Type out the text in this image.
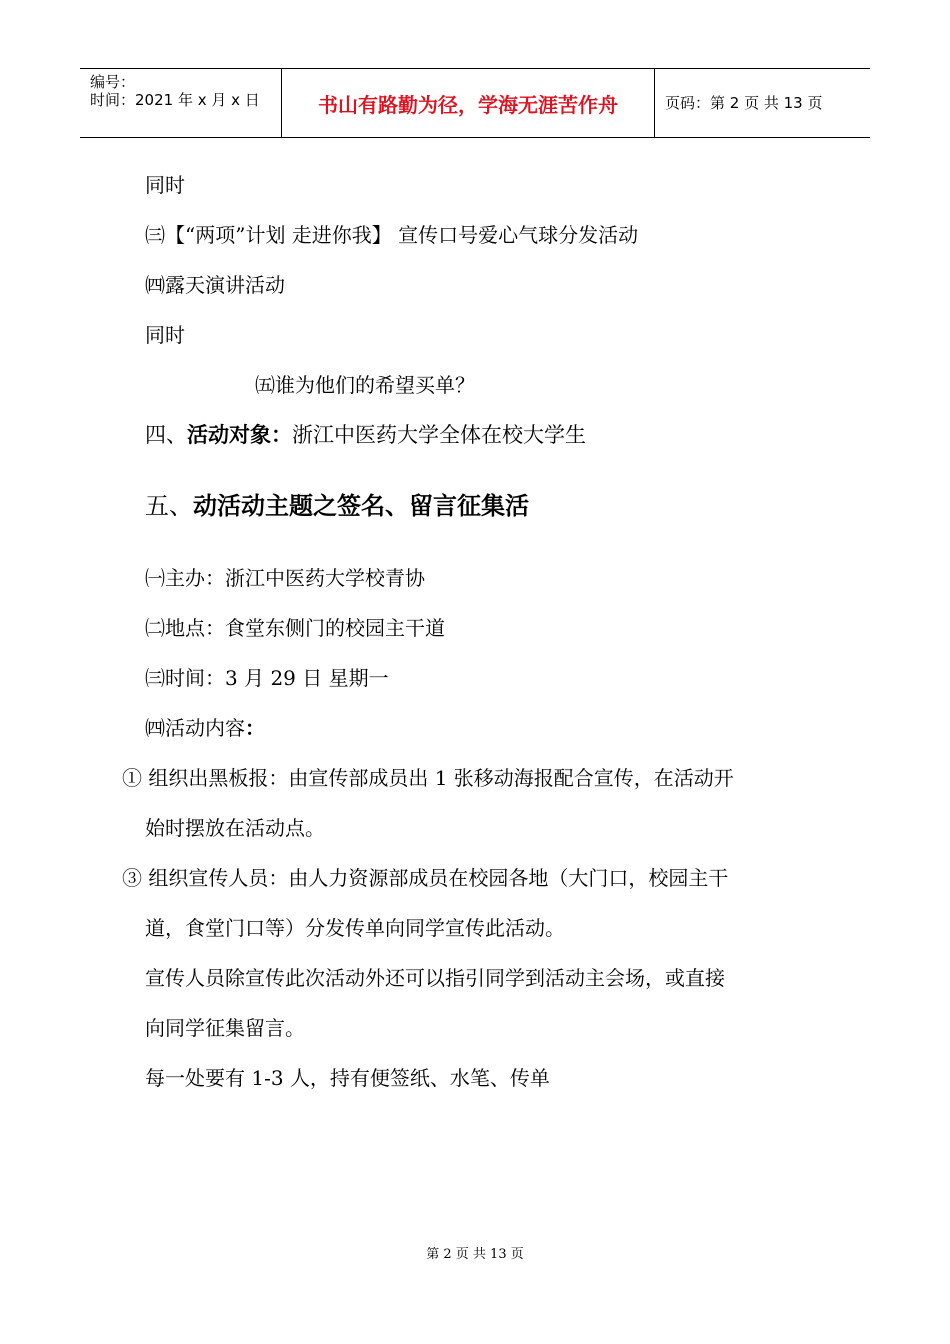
编号：
时间：2021 年 x 月 x 日	书山有路勤为径，学海无涯苦作舟	页码：第 2 页 共 13 页
同时
㈢【“两项”计划 走进你我】 宣传口号爱心气球分发活动
㈣露天演讲活动
同时
㈤谁为他们的希望买单？
四、活动对象：浙江中医药大学全体在校大学生
五、动活动主题之签名、留言征集活
㈠主办：浙江中医药大学校青协
㈡地点：食堂东侧门的校园主干道
㈢时间：3 月 29 日 星期一
㈣活动内容：
① 组织出黑板报：由宣传部成员出 1 张移动海报配合宣传，在活动开
始时摆放在活动点。
③ 组织宣传人员：由人力资源部成员在校园各地（大门口，校园主干
道，食堂门口等）分发传单向同学宣传此活动。
宣传人员除宣传此次活动外还可以指引同学到活动主会场，或直接
向同学征集留言。
每一处要有 1-3 人，持有便签纸、水笔、传单
第 2 页 共 13 页
